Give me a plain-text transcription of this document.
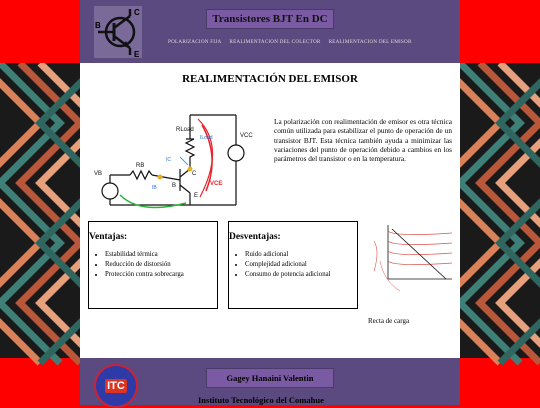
C
B
E
Transistores BJT En DC
POLARIZACION FIJA REALIMENTACION DEL COLECTOR REALIMENTACION DEL EMISOR
REALIMENTACIÓN DEL EMISOR
RLoad
VCC
RB
VB	C
B
E
IC
IB
ILoad
VCE
La polarización con realimentación de emisor es otra técnica común utilizada para estabilizar el punto de operación de un transistor BJT. Esta técnica también ayuda a minimizar las variaciones del punto de operación debido a cambios en los parámetros del transistor o en la temperatura.
Ventajas:
• Estabilidad térmica
• Reducción de distorsión
• Protección contra sobrecarga
Desventajas:
• Ruido adicional
• Complejidad adicional
• Consumo de potencia adicional
Recta de carga
ITC
Gagey Hanaini Valentin
Instituto Tecnológico del Comahue
